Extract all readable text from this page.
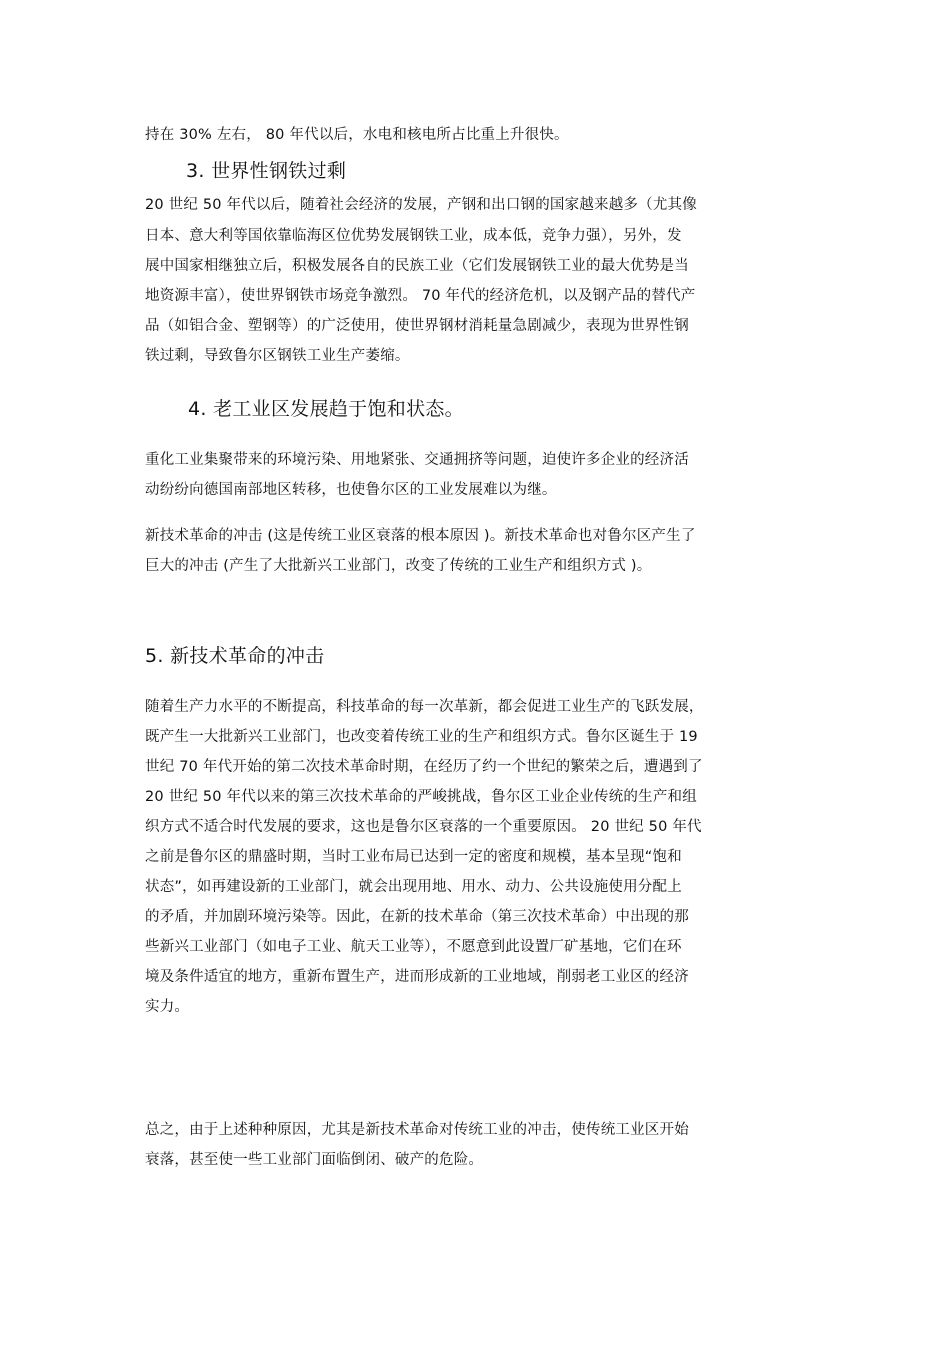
持在 30% 左右， 80 年代以后，水电和核电所占比重上升很快。
3. 世界性钢铁过剩
20 世纪 50 年代以后，随着社会经济的发展，产钢和出口钢的国家越来越多（尤其像
日本、意大利等国依靠临海区位优势发展钢铁工业，成本低，竞争力强），另外，发
展中国家相继独立后，积极发展各自的民族工业（它们发展钢铁工业的最大优势是当
地资源丰富），使世界钢铁市场竞争激烈。 70 年代的经济危机，以及钢产品的替代产
品（如铝合金、塑钢等）的广泛使用，使世界钢材消耗量急剧减少，表现为世界性钢
铁过剩，导致鲁尔区钢铁工业生产萎缩。
4. 老工业区发展趋于饱和状态。
重化工业集聚带来的环境污染、用地紧张、交通拥挤等问题，迫使许多企业的经济活
动纷纷向德国南部地区转移，也使鲁尔区的工业发展难以为继。
新技术革命的冲击 (这是传统工业区衰落的根本原因 )。新技术革命也对鲁尔区产生了
巨大的冲击 (产生了大批新兴工业部门，改变了传统的工业生产和组织方式 )。
5. 新技术革命的冲击
随着生产力水平的不断提高，科技革命的每一次革新，都会促进工业生产的飞跃发展，
既产生一大批新兴工业部门，也改变着传统工业的生产和组织方式。鲁尔区诞生于 19
世纪 70 年代开始的第二次技术革命时期，在经历了约一个世纪的繁荣之后，遭遇到了
20 世纪 50 年代以来的第三次技术革命的严峻挑战，鲁尔区工业企业传统的生产和组
织方式不适合时代发展的要求，这也是鲁尔区衰落的一个重要原因。 20 世纪 50 年代
之前是鲁尔区的鼎盛时期，当时工业布局已达到一定的密度和规模，基本呈现“饱和
状态”，如再建设新的工业部门，就会出现用地、用水、动力、公共设施使用分配上
的矛盾，并加剧环境污染等。因此，在新的技术革命（第三次技术革命）中出现的那
些新兴工业部门（如电子工业、航天工业等），不愿意到此设置厂矿基地，它们在环
境及条件适宜的地方，重新布置生产，进而形成新的工业地域，削弱老工业区的经济
实力。
总之，由于上述种种原因，尤其是新技术革命对传统工业的冲击，使传统工业区开始
衰落，甚至使一些工业部门面临倒闭、破产的危险。
